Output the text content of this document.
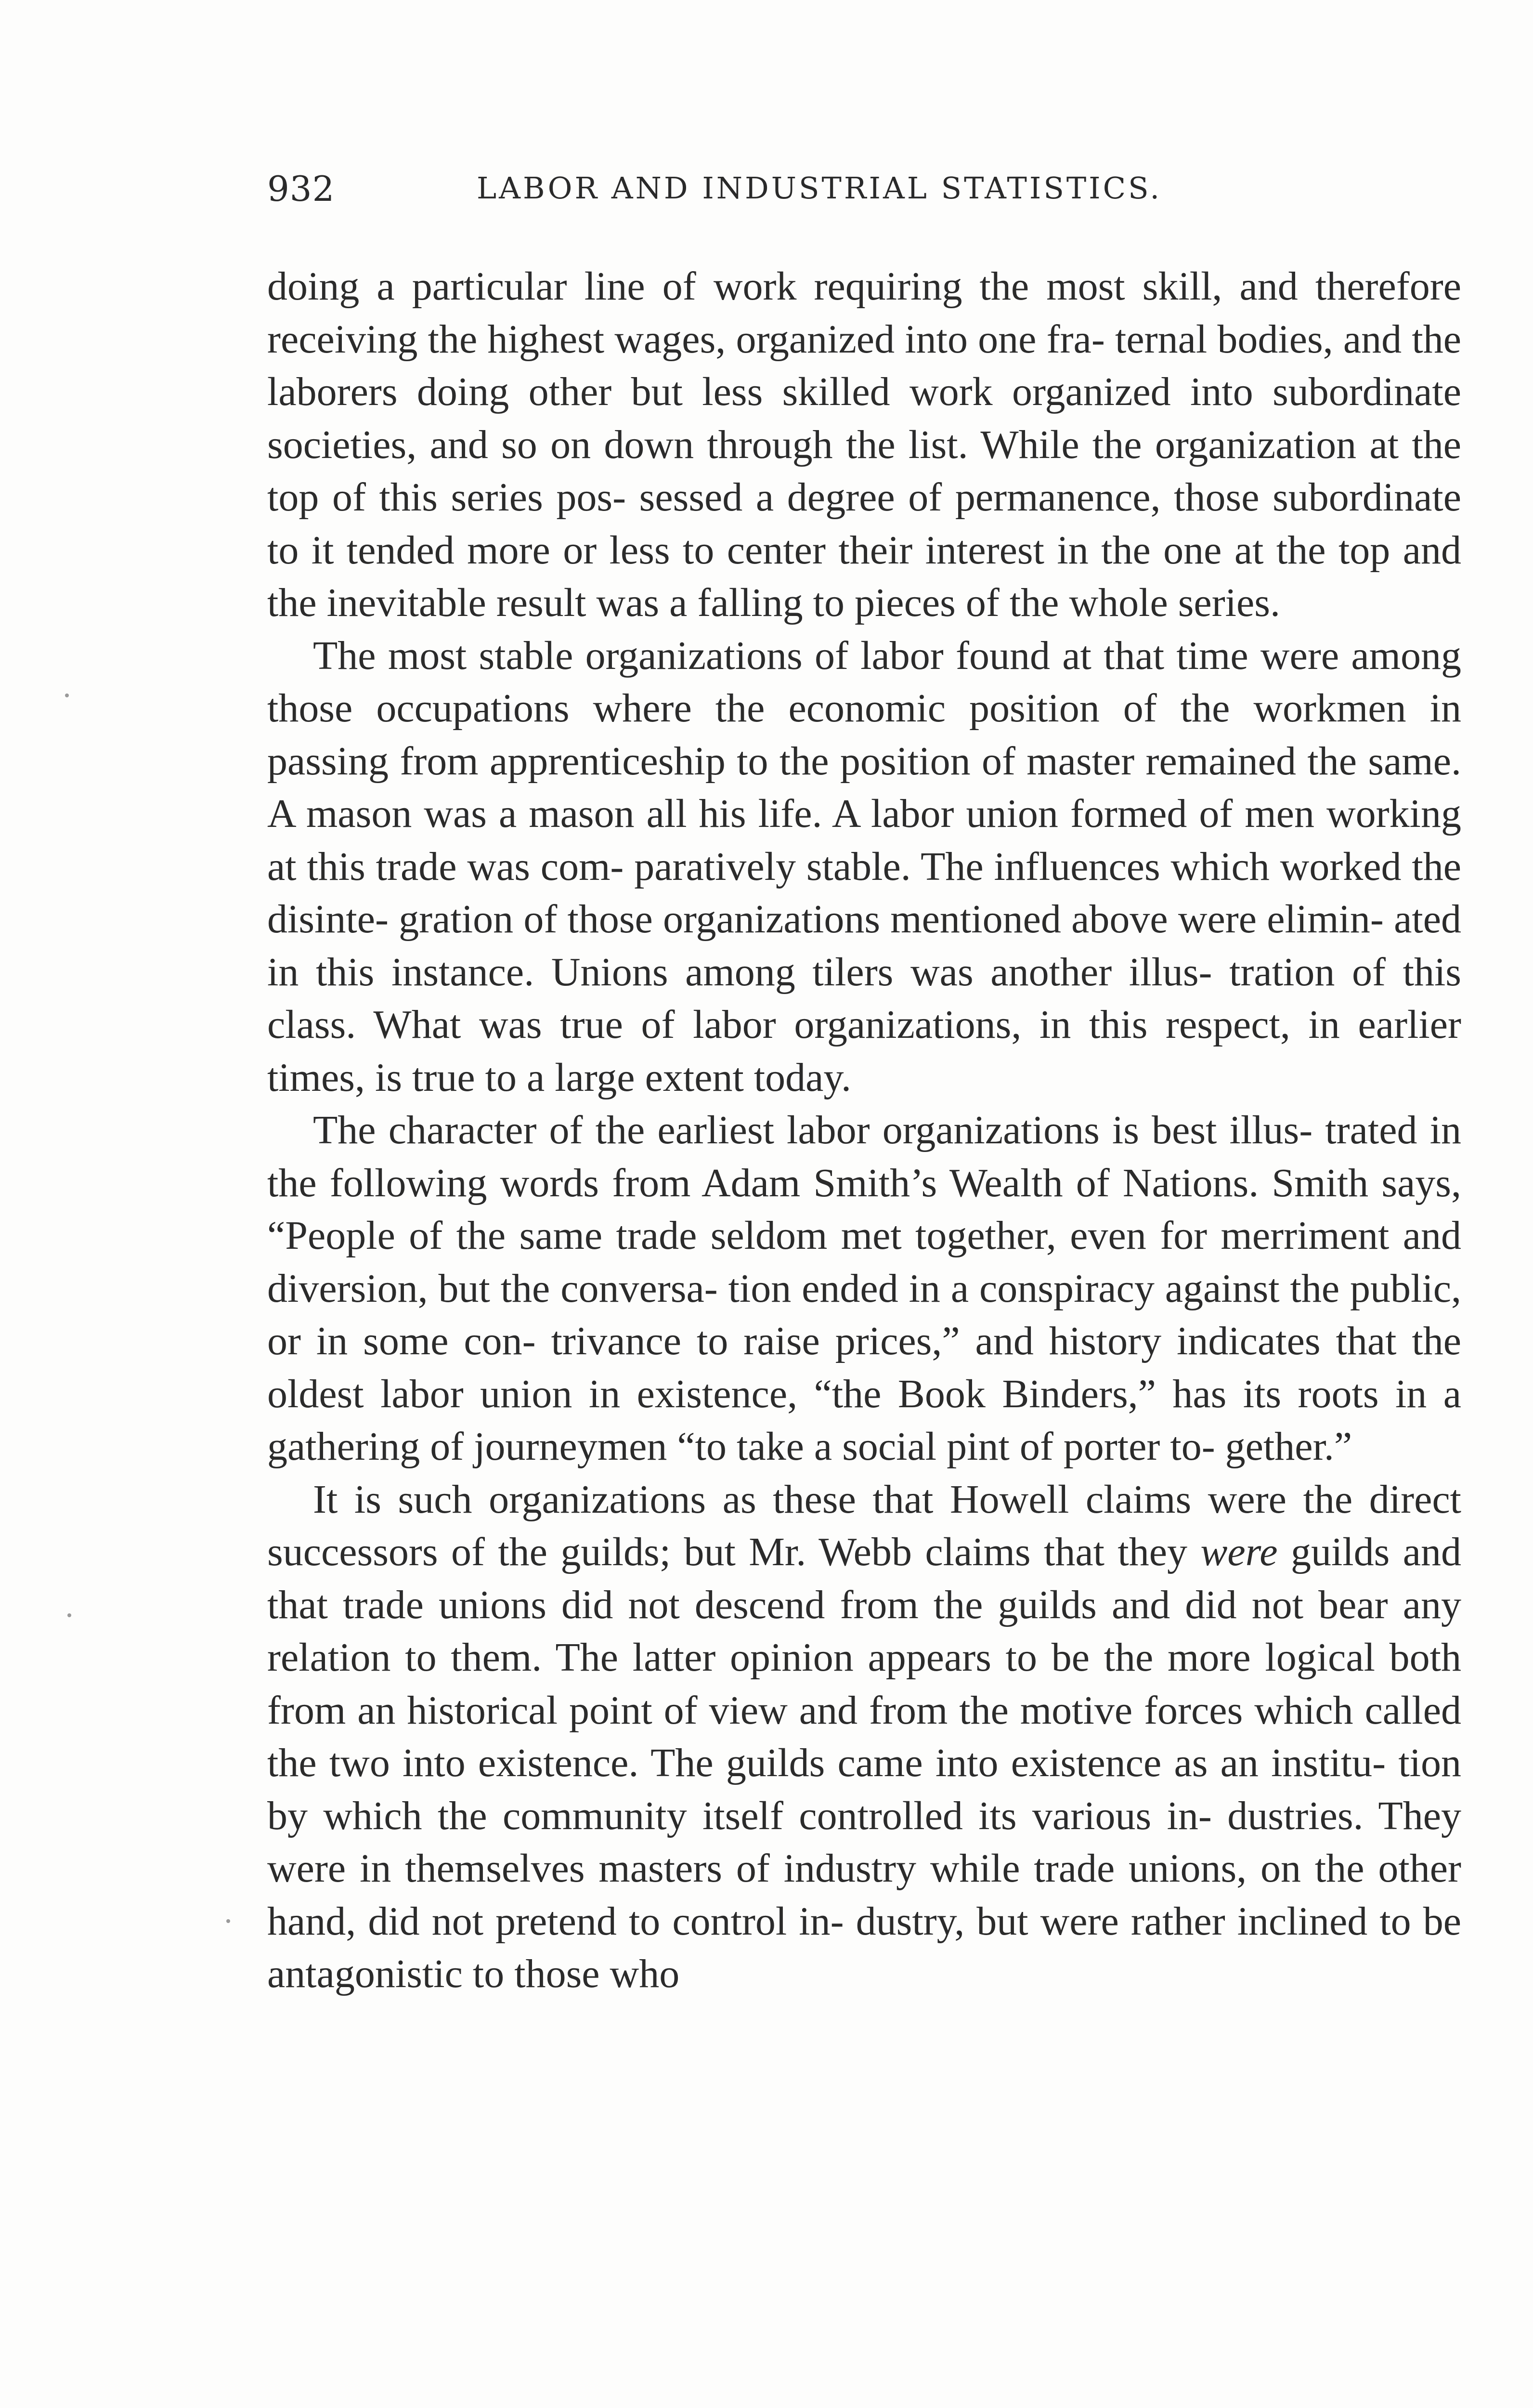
932	LABOR AND INDUSTRIAL STATISTICS.

doing a particular line of work requiring the most skill, and therefore receiving the highest wages, organized into one fra- ternal bodies, and the laborers doing other but less skilled work organized into subordinate societies, and so on down through the list. While the organization at the top of this series pos- sessed a degree of permanence, those subordinate to it tended more or less to center their interest in the one at the top and the inevitable result was a falling to pieces of the whole series.

The most stable organizations of labor found at that time were among those occupations where the economic position of the workmen in passing from apprenticeship to the position of master remained the same. A mason was a mason all his life. A labor union formed of men working at this trade was com- paratively stable. The influences which worked the disinte- gration of those organizations mentioned above were elimin- ated in this instance. Unions among tilers was another illus- tration of this class. What was true of labor organizations, in this respect, in earlier times, is true to a large extent today.

The character of the earliest labor organizations is best illus- trated in the following words from Adam Smith’s Wealth of Nations. Smith says, “People of the same trade seldom met together, even for merriment and diversion, but the conversa- tion ended in a conspiracy against the public, or in some con- trivance to raise prices,” and history indicates that the oldest labor union in existence, “the Book Binders,” has its roots in a gathering of journeymen “to take a social pint of porter to- gether.”

It is such organizations as these that Howell claims were the direct successors of the guilds; but Mr. Webb claims that they were guilds and that trade unions did not descend from the guilds and did not bear any relation to them. The latter opinion appears to be the more logical both from an historical point of view and from the motive forces which called the two into existence. The guilds came into existence as an institu- tion by which the community itself controlled its various in- dustries. They were in themselves masters of industry while trade unions, on the other hand, did not pretend to control in- dustry, but were rather inclined to be antagonistic to those who
